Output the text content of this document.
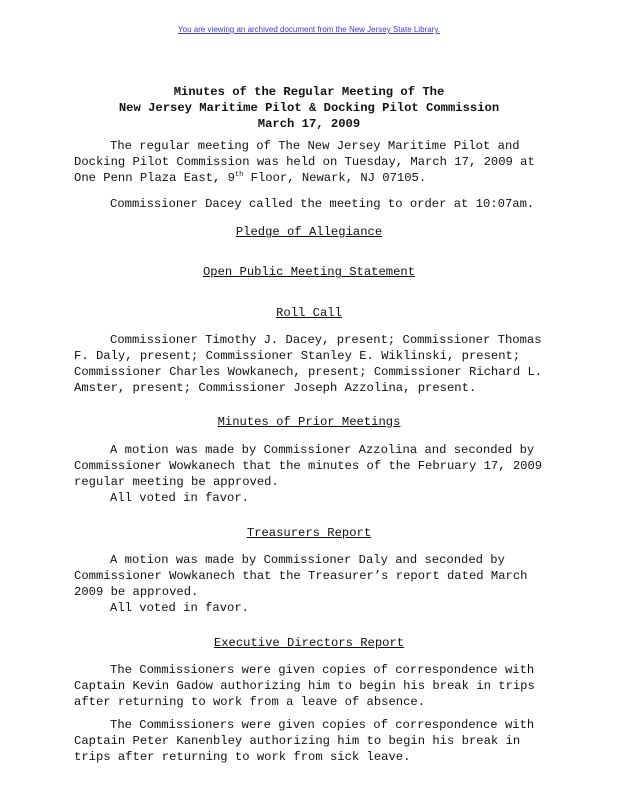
You are viewing an archived document from the New Jersey State Library.
Minutes of the Regular Meeting of The
New Jersey Maritime Pilot & Docking Pilot Commission
March 17, 2009
The regular meeting of The New Jersey Maritime Pilot and
Docking Pilot Commission was held on Tuesday, March 17, 2009 at
One Penn Plaza East, 9th Floor, Newark, NJ 07105.
Commissioner Dacey called the meeting to order at 10:07am.
Pledge of Allegiance
Open Public Meeting Statement
Roll Call
Commissioner Timothy J. Dacey, present; Commissioner Thomas
F. Daly, present; Commissioner Stanley E. Wiklinski, present;
Commissioner Charles Wowkanech, present; Commissioner Richard L.
Amster, present; Commissioner Joseph Azzolina, present.
Minutes of Prior Meetings
A motion was made by Commissioner Azzolina and seconded by
Commissioner Wowkanech that the minutes of the February 17, 2009
regular meeting be approved.
All voted in favor.
Treasurers Report
A motion was made by Commissioner Daly and seconded by
Commissioner Wowkanech that the Treasurer’s report dated March
2009 be approved.
All voted in favor.
Executive Directors Report
The Commissioners were given copies of correspondence with
Captain Kevin Gadow authorizing him to begin his break in trips
after returning to work from a leave of absence.
The Commissioners were given copies of correspondence with
Captain Peter Kanenbley authorizing him to begin his break in
trips after returning to work from sick leave.
